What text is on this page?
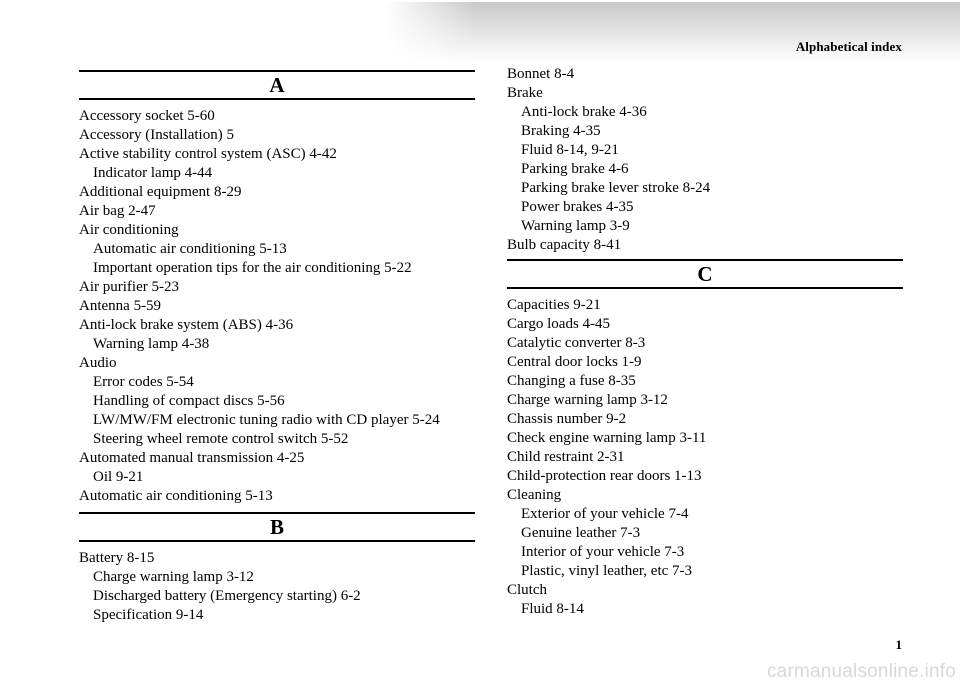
Alphabetical index
A
Accessory socket 5-60
Accessory (Installation) 5
Active stability control system (ASC) 4-42
Indicator lamp 4-44
Additional equipment 8-29
Air bag 2-47
Air conditioning
Automatic air conditioning 5-13
Important operation tips for the air conditioning 5-22
Air purifier 5-23
Antenna 5-59
Anti-lock brake system (ABS) 4-36
Warning lamp 4-38
Audio
Error codes 5-54
Handling of compact discs 5-56
LW/MW/FM electronic tuning radio with CD player 5-24
Steering wheel remote control switch 5-52
Automated manual transmission 4-25
Oil 9-21
Automatic air conditioning 5-13
B
Battery 8-15
Charge warning lamp 3-12
Discharged battery (Emergency starting) 6-2
Specification 9-14
Bonnet 8-4
Brake
Anti-lock brake 4-36
Braking 4-35
Fluid 8-14, 9-21
Parking brake 4-6
Parking brake lever stroke 8-24
Power brakes 4-35
Warning lamp 3-9
Bulb capacity 8-41
C
Capacities 9-21
Cargo loads 4-45
Catalytic converter 8-3
Central door locks 1-9
Changing a fuse 8-35
Charge warning lamp 3-12
Chassis number 9-2
Check engine warning lamp 3-11
Child restraint 2-31
Child-protection rear doors 1-13
Cleaning
Exterior of your vehicle 7-4
Genuine leather 7-3
Interior of your vehicle 7-3
Plastic, vinyl leather, etc 7-3
Clutch
Fluid 8-14
1
carmanualsonline.info
